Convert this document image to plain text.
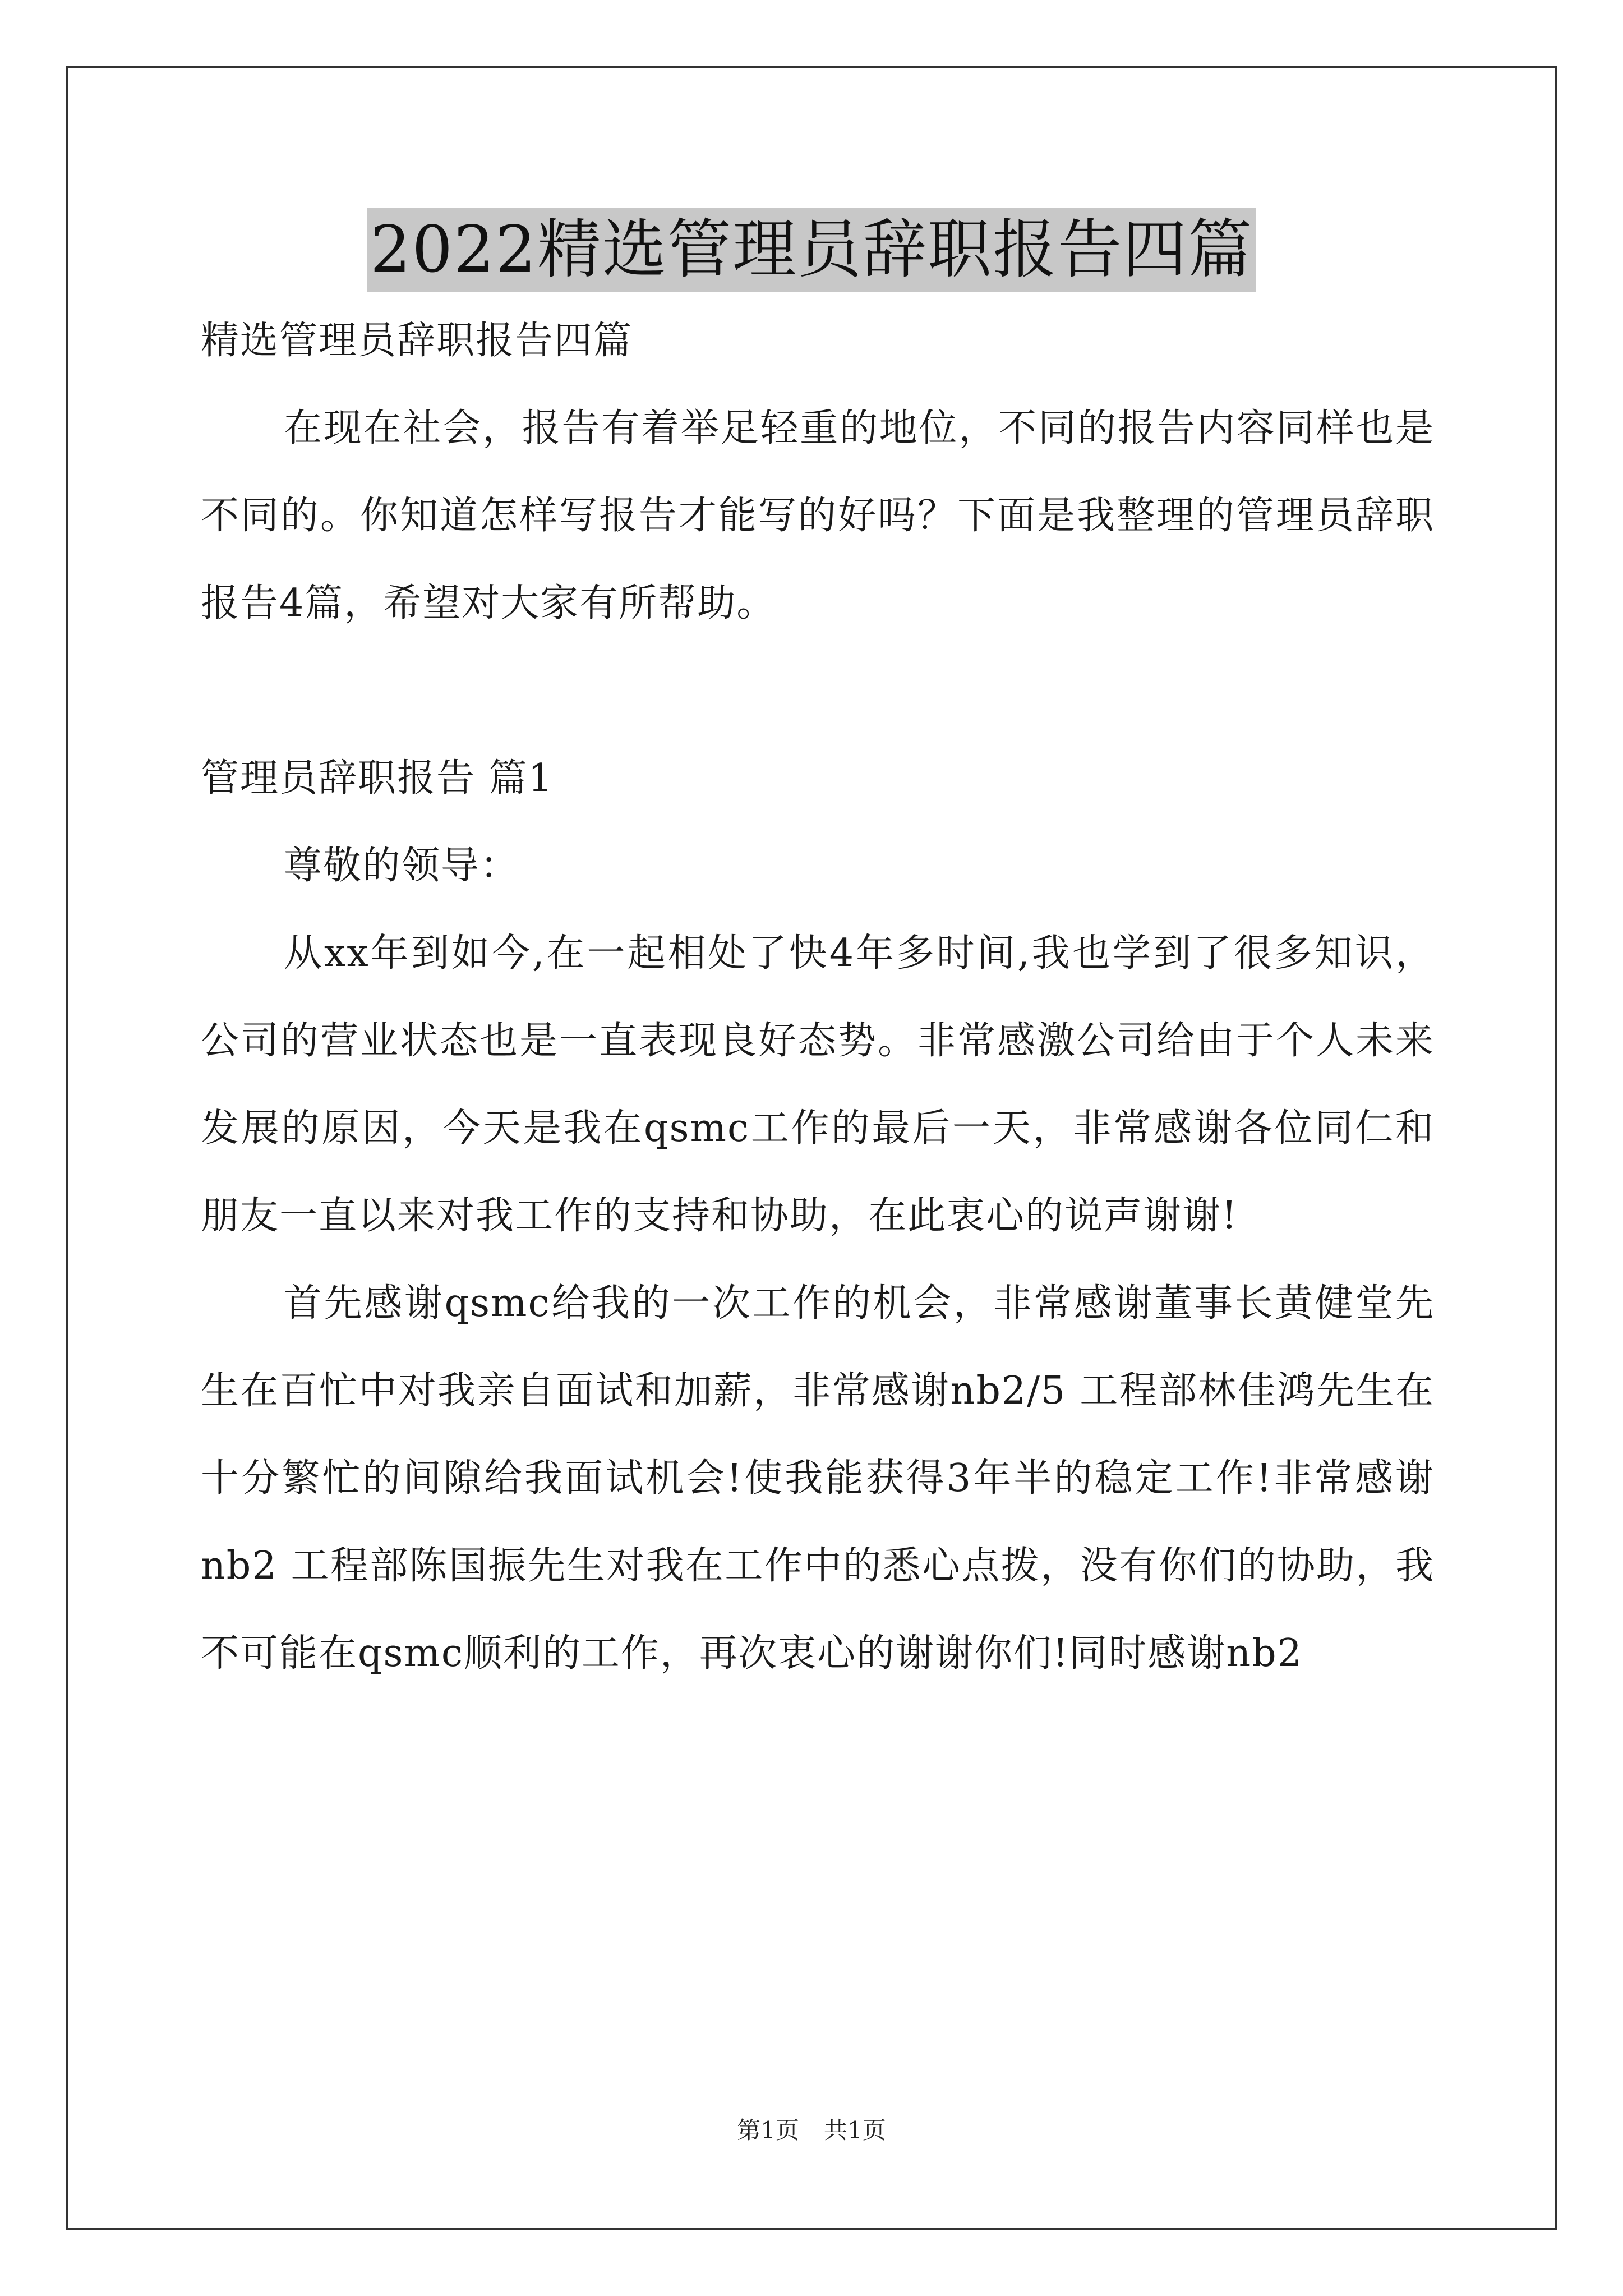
2022精选管理员辞职报告四篇

精选管理员辞职报告四篇

在现在社会，报告有着举足轻重的地位，不同的报告内容同样也是不同的。你知道怎样写报告才能写的好吗？下面是我整理的管理员辞职报告4篇，希望对大家有所帮助。

管理员辞职报告 篇1

尊敬的领导：

从xx年到如今,在一起相处了快4年多时间,我也学到了很多知识，公司的营业状态也是一直表现良好态势。非常感激公司给由于个人未来发展的原因，今天是我在qsmc工作的最后一天，非常感谢各位同仁和朋友一直以来对我工作的支持和协助，在此衷心的说声谢谢!

首先感谢qsmc给我的一次工作的机会，非常感谢董事长黄健堂先生在百忙中对我亲自面试和加薪，非常感谢nb2/5 工程部林佳鸿先生在十分繁忙的间隙给我面试机会!使我能获得3年半的稳定工作!非常感谢nb2 工程部陈国振先生对我在工作中的悉心点拨，没有你们的协助，我不可能在qsmc顺利的工作，再次衷心的谢谢你们!同时感谢nb2

第1页 共1页
